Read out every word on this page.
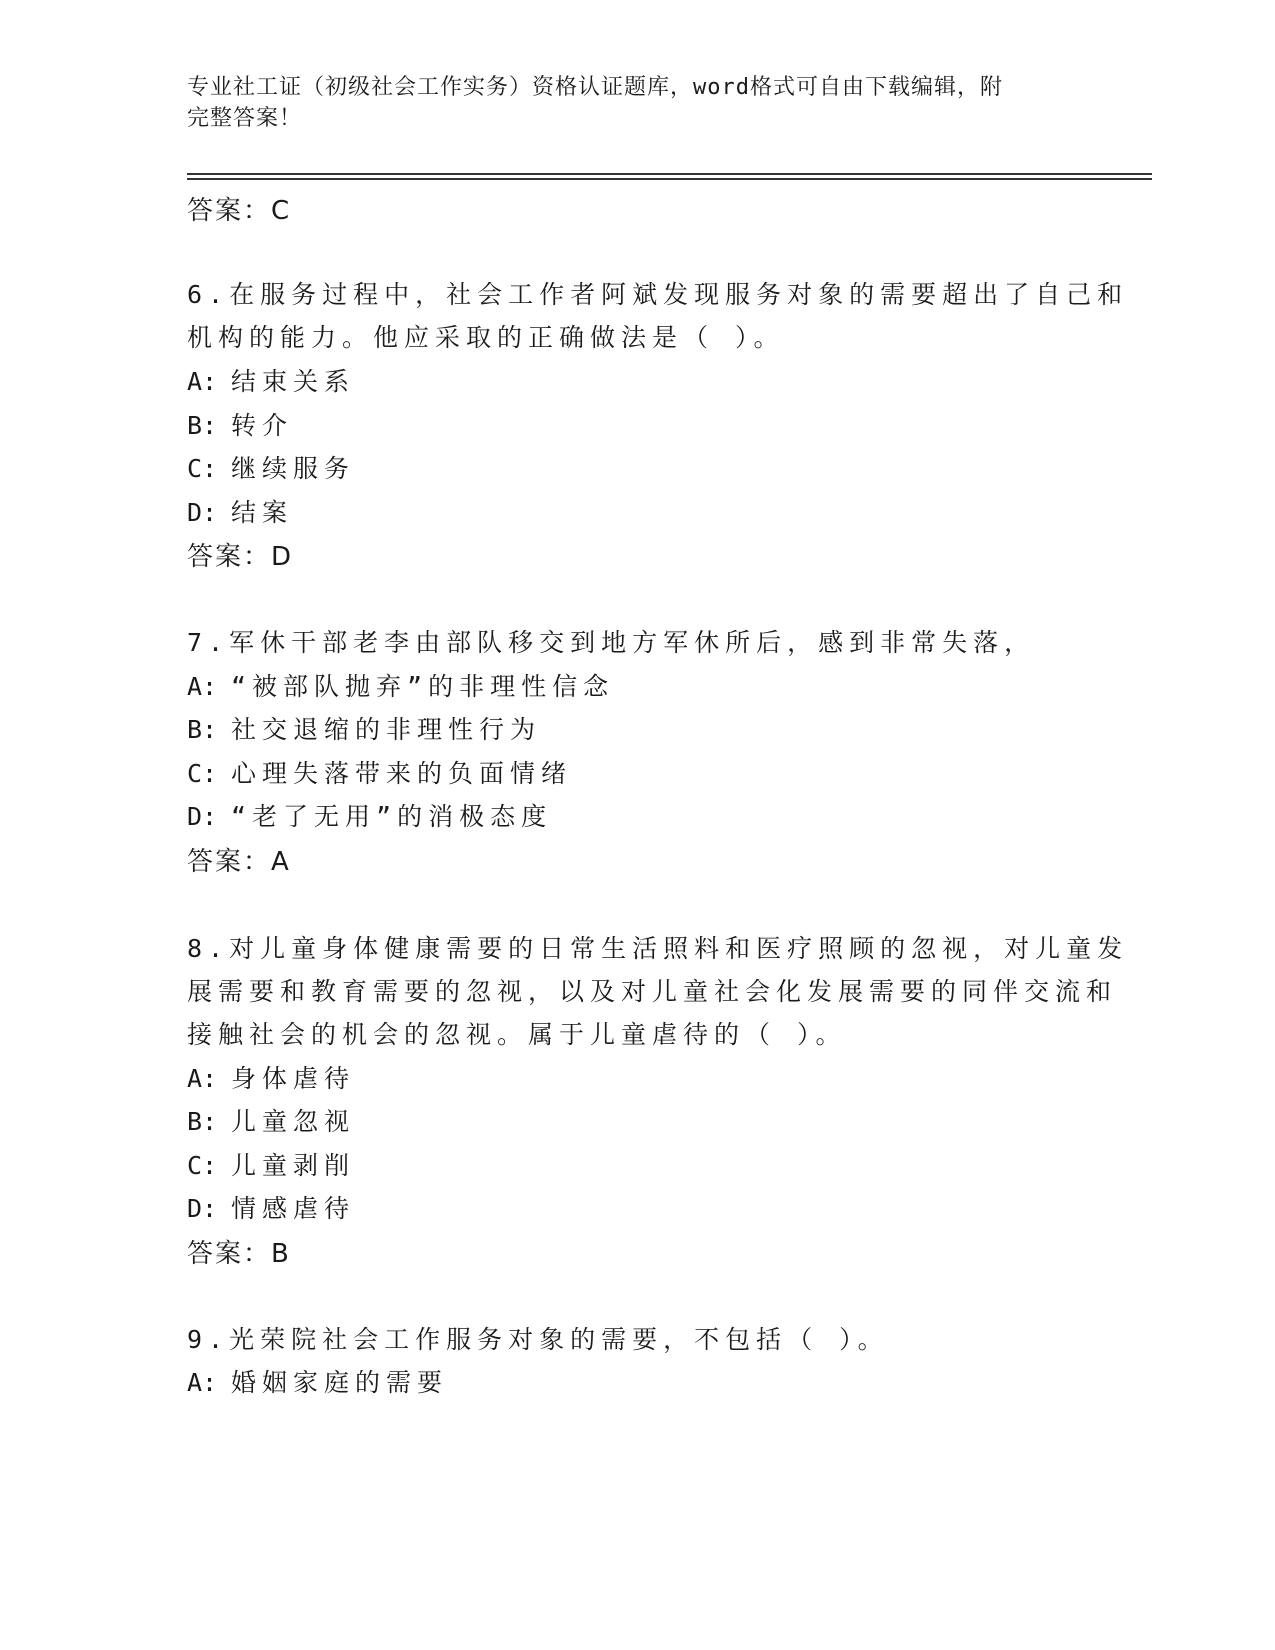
专业社工证（初级社会工作实务）资格认证题库，word格式可自由下载编辑，附
完整答案！
答案：C
6.在服务过程中，社会工作者阿斌发现服务对象的需要超出了自己和
机构的能力。他应采取的正确做法是（ ）。
A: 结束关系
B: 转介
C: 继续服务
D: 结案
答案：D
7.军休干部老李由部队移交到地方军休所后，感到非常失落，
A: “被部队抛弃”的非理性信念
B: 社交退缩的非理性行为
C: 心理失落带来的负面情绪
D: “老了无用”的消极态度
答案：A
8.对儿童身体健康需要的日常生活照料和医疗照顾的忽视，对儿童发
展需要和教育需要的忽视，以及对儿童社会化发展需要的同伴交流和
接触社会的机会的忽视。属于儿童虐待的（ ）。
A: 身体虐待
B: 儿童忽视
C: 儿童剥削
D: 情感虐待
答案：B
9.光荣院社会工作服务对象的需要，不包括（ ）。
A: 婚姻家庭的需要
